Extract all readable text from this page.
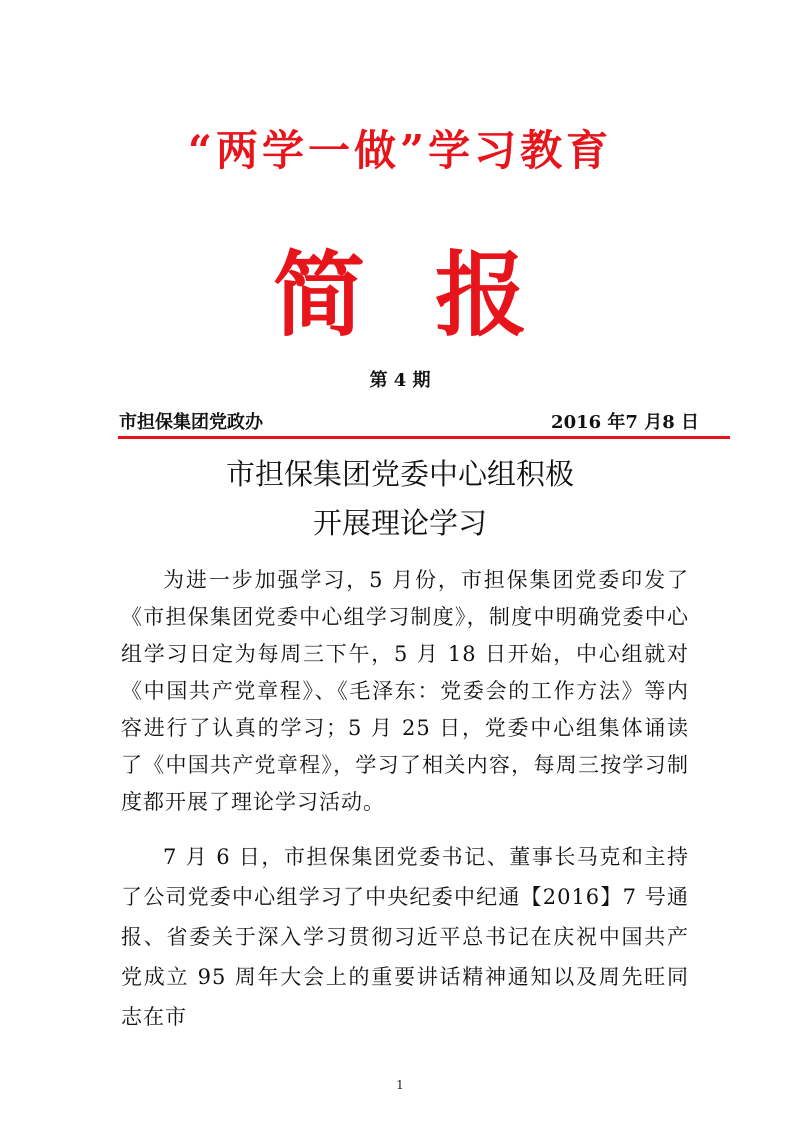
“两学一做”学习教育
简报
第 4 期
市担保集团党政办	2016 年7 月8 日
市担保集团党委中心组积极
开展理论学习

为进一步加强学习，5 月份，市担保集团党委印发了《市担保集团党委中心组学习制度》，制度中明确党委中心组学习日定为每周三下午，5 月 18 日开始，中心组就对《中国共产党章程》、《毛泽东：党委会的工作方法》等内容进行了认真的学习；5 月 25 日，党委中心组集体诵读了《中国共产党章程》，学习了相关内容，每周三按学习制度都开展了理论学习活动。

7 月 6 日，市担保集团党委书记、董事长马克和主持了公司党委中心组学习了中央纪委中纪通【2016】7 号通报、省委关于深入学习贯彻习近平总书记在庆祝中国共产党成立 95 周年大会上的重要讲话精神通知以及周先旺同志在市

1
